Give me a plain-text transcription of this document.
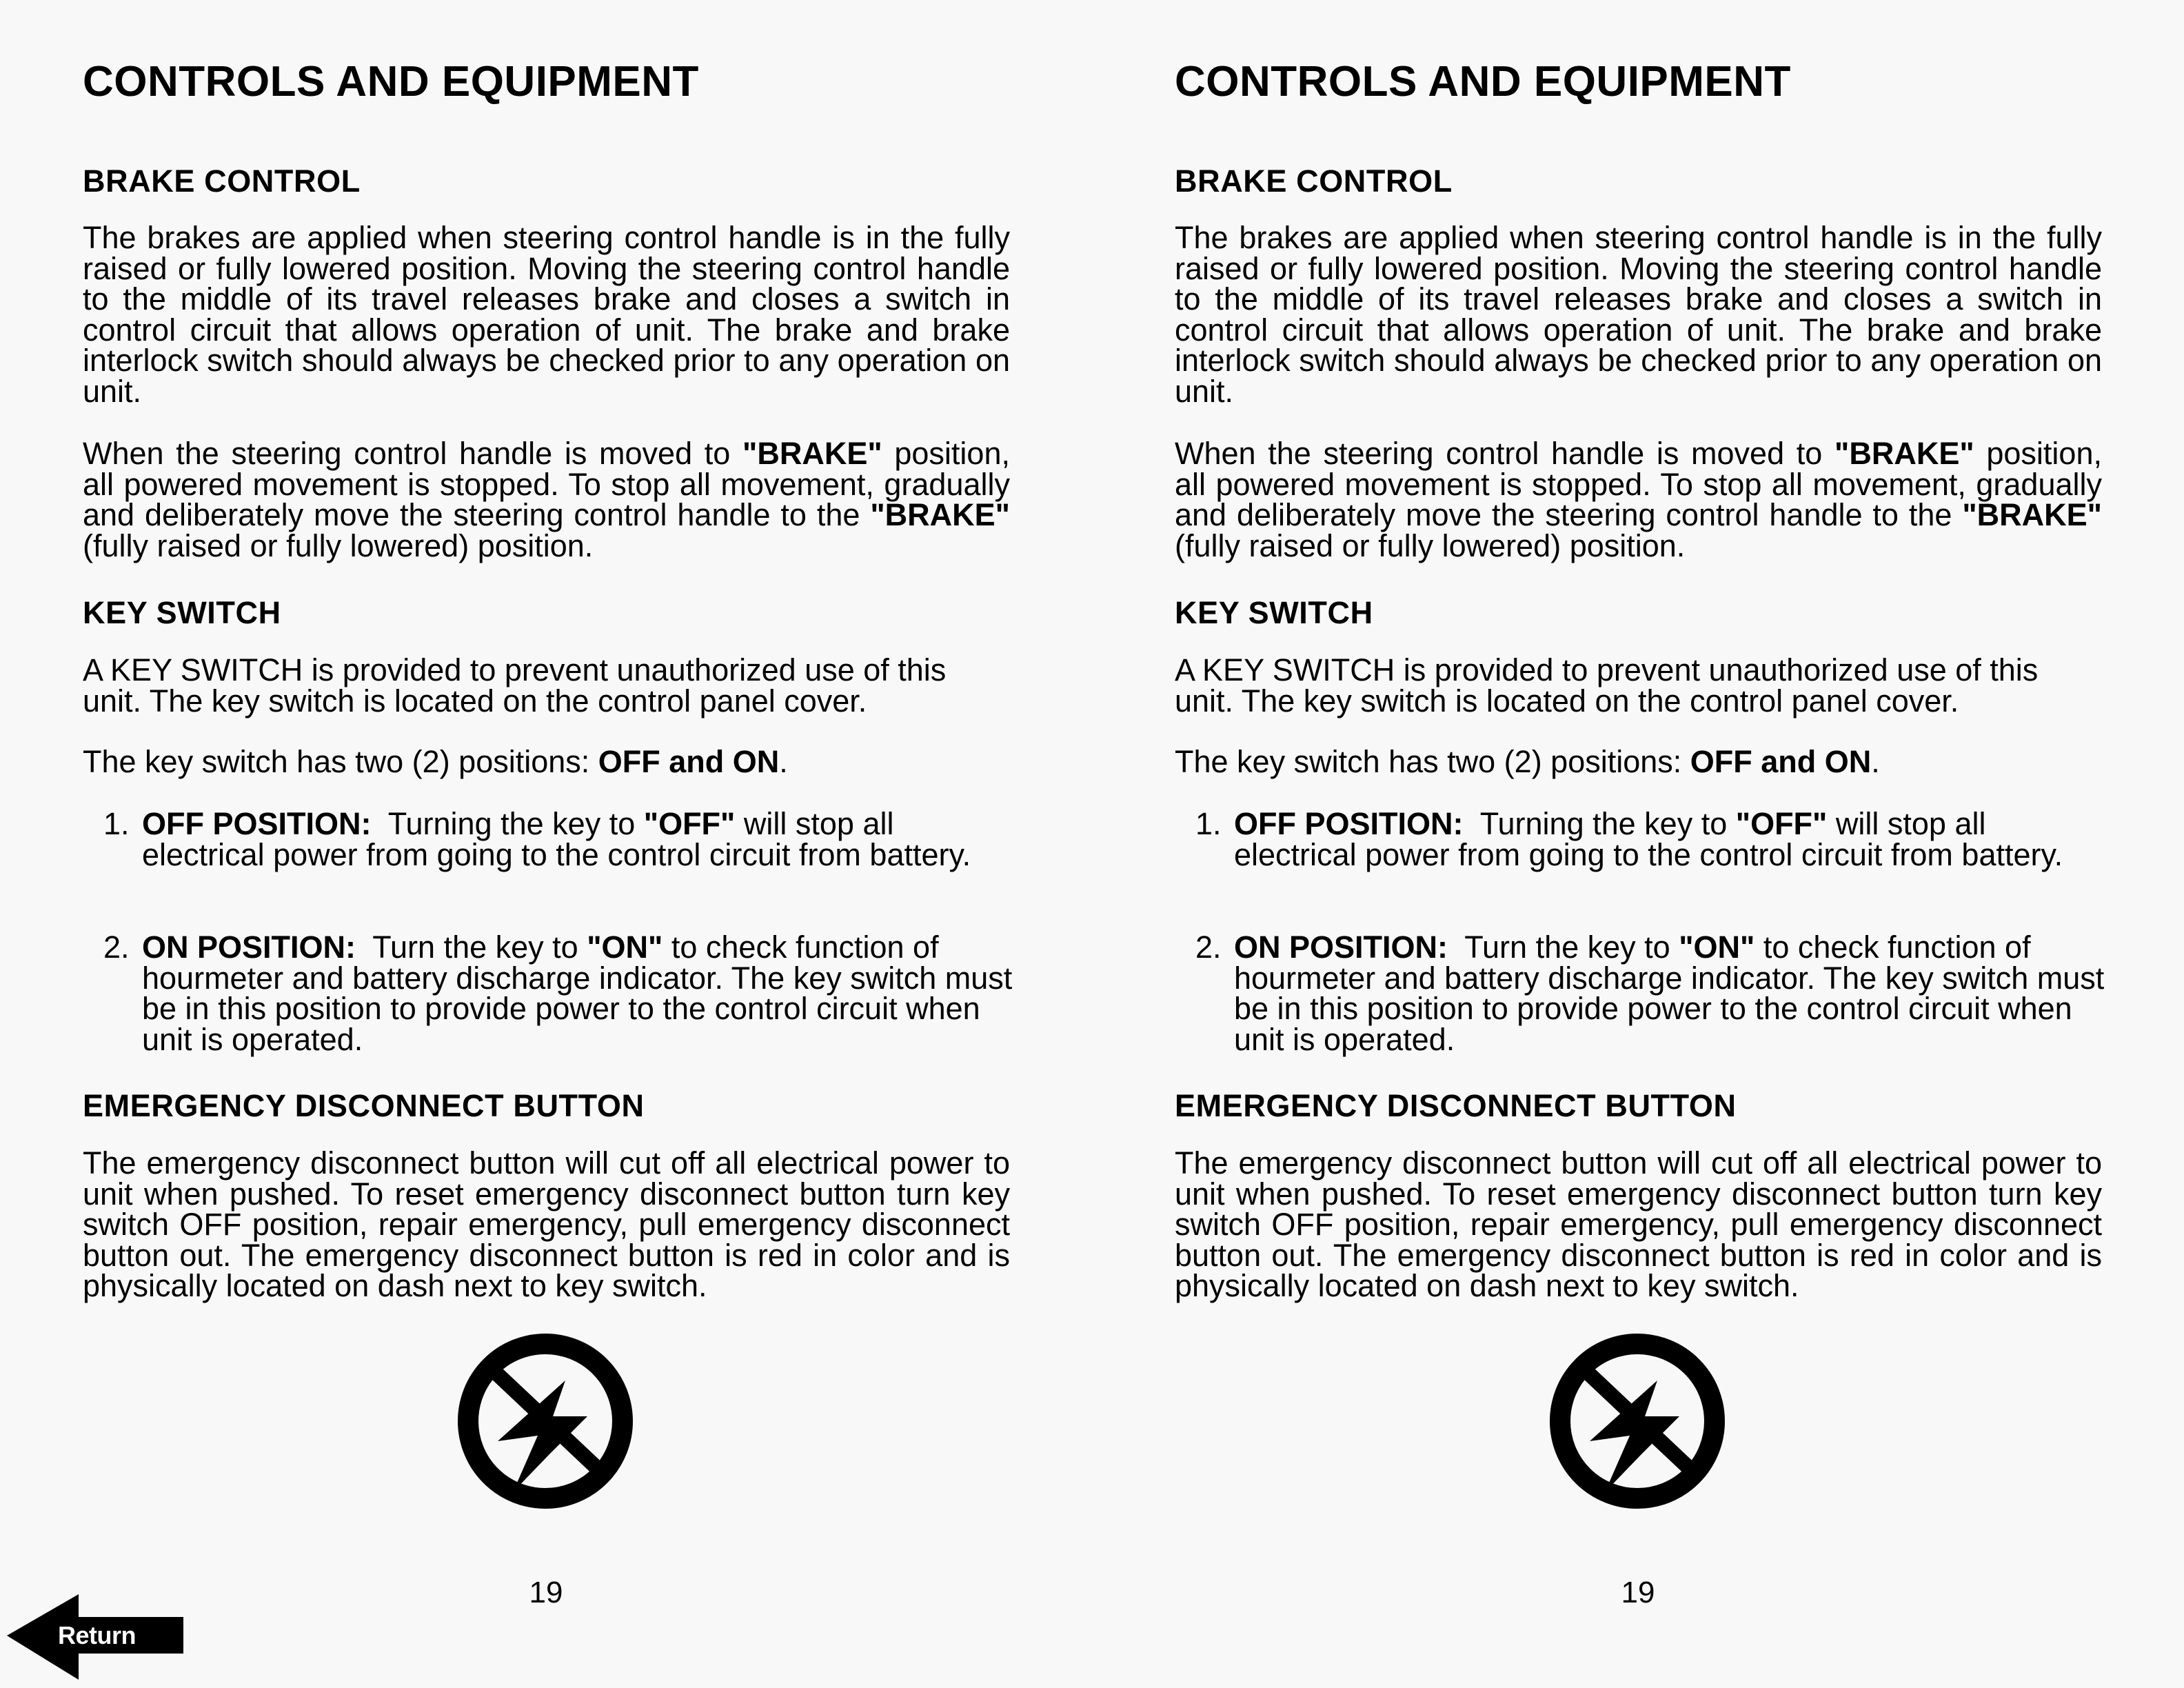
CONTROLS AND EQUIPMENT
BRAKE CONTROL

The brakes are applied when steering control handle is in the fully raised or fully lowered position. Moving the steering control handle to the middle of its travel releases brake and closes a switch in control circuit that allows operation of unit. The brake and brake interlock switch should always be checked prior to any operation on unit.

When the steering control handle is moved to "BRAKE" position, all powered movement is stopped. To stop all movement, gradually and deliberately move the steering control handle to the "BRAKE" (fully raised or fully lowered) position.

KEY SWITCH

A KEY SWITCH is provided to prevent unauthorized use of this unit. The key switch is located on the control panel cover.

The key switch has two (2) positions: OFF and ON.

1. OFF POSITION:  Turning the key to "OFF" will stop all electrical power from going to the control circuit from battery.
2. ON POSITION:  Turn the key to "ON" to check function of hourmeter and battery discharge indicator. The key switch must be in this position to provide power to the control circuit when unit is operated.
EMERGENCY DISCONNECT BUTTON

The emergency disconnect button will cut off all electrical power to unit when pushed. To reset emergency disconnect button turn key switch OFF position, repair emergency, pull emergency disconnect button out. The emergency disconnect button is red in color and is physically located on dash next to key switch.

19
Return
CONTROLS AND EQUIPMENT
BRAKE CONTROL

The brakes are applied when steering control handle is in the fully raised or fully lowered position. Moving the steering control handle to the middle of its travel releases brake and closes a switch in control circuit that allows operation of unit. The brake and brake interlock switch should always be checked prior to any operation on unit.

When the steering control handle is moved to "BRAKE" position, all powered movement is stopped. To stop all movement, gradually and deliberately move the steering control handle to the "BRAKE" (fully raised or fully lowered) position.

KEY SWITCH

A KEY SWITCH is provided to prevent unauthorized use of this unit. The key switch is located on the control panel cover.

The key switch has two (2) positions: OFF and ON.

1. OFF POSITION:  Turning the key to "OFF" will stop all electrical power from going to the control circuit from battery.
2. ON POSITION:  Turn the key to "ON" to check function of hourmeter and battery discharge indicator. The key switch must be in this position to provide power to the control circuit when unit is operated.
EMERGENCY DISCONNECT BUTTON

The emergency disconnect button will cut off all electrical power to unit when pushed. To reset emergency disconnect button turn key switch OFF position, repair emergency, pull emergency disconnect button out. The emergency disconnect button is red in color and is physically located on dash next to key switch.

19
